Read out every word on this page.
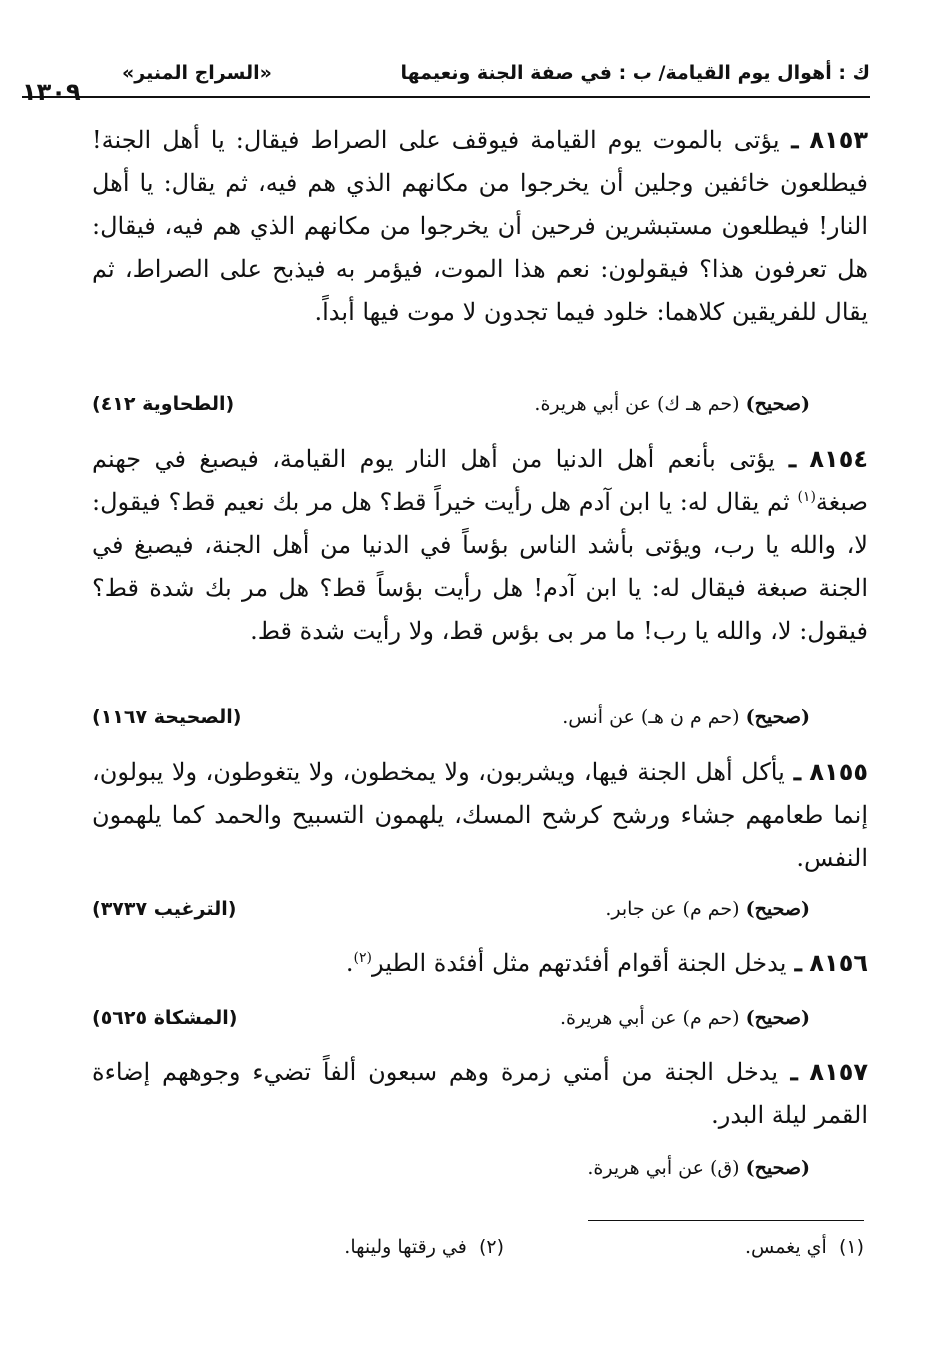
ك : أهوال يوم القيامة/ ب : في صفة الجنة ونعيمها
«السراج المنير»
١٣٠٩
٨١٥٣ ـ يؤتى بالموت يوم القيامة فيوقف على الصراط فيقال: يا أهل الجنة! فيطلعون خائفين وجلين أن يخرجوا من مكانهم الذي هم فيه، ثم يقال: يا أهل النار! فيطلعون مستبشرين فرحين أن يخرجوا من مكانهم الذي هم فيه، فيقال: هل تعرفون هذا؟ فيقولون: نعم هذا الموت، فيؤمر به فيذبح على الصراط، ثم يقال للفريقين كلاهما: خلود فيما تجدون لا موت فيها أبداً.
(صحيح) (حم هـ ك) عن أبي هريرة.
(الطحاوية ٤١٢)
٨١٥٤ ـ يؤتى بأنعم أهل الدنيا من أهل النار يوم القيامة، فيصبغ في جهنم صبغة$^{(١)}$ ثم يقال له: يا ابن آدم هل رأيت خيراً قط؟ هل مر بك نعيم قط؟ فيقول: لا، والله يا رب، ويؤتى بأشد الناس بؤساً في الدنيا من أهل الجنة، فيصبغ في الجنة صبغة فيقال له: يا ابن آدم! هل رأيت بؤساً قط؟ هل مر بك شدة قط؟ فيقول: لا، والله يا رب! ما مر بى بؤس قط، ولا رأيت شدة قط.
(صحيح) (حم م ن هـ) عن أنس.
(الصحيحة ١١٦٧)
٨١٥٥ ـ يأكل أهل الجنة فيها، ويشربون، ولا يمخطون، ولا يتغوطون، ولا يبولون، إنما طعامهم جشاء ورشح كرشح المسك، يلهمون التسبيح والحمد كما يلهمون النفس.
(صحيح) (حم م) عن جابر.
(الترغيب ٣٧٣٧)
٨١٥٦ ـ يدخل الجنة أقوام أفئدتهم مثل أفئدة الطير$^{(٢)}$.
(صحيح) (حم م) عن أبي هريرة.
(المشكاة ٥٦٢٥)
٨١٥٧ ـ يدخل الجنة من أمتي زمرة وهم سبعون ألفاً تضيء وجوههم إضاءة القمر ليلة البدر.
(صحيح) (ق) عن أبي هريرة.
(١)  أي يغمس.
(٢)  في رقتها ولينها.
